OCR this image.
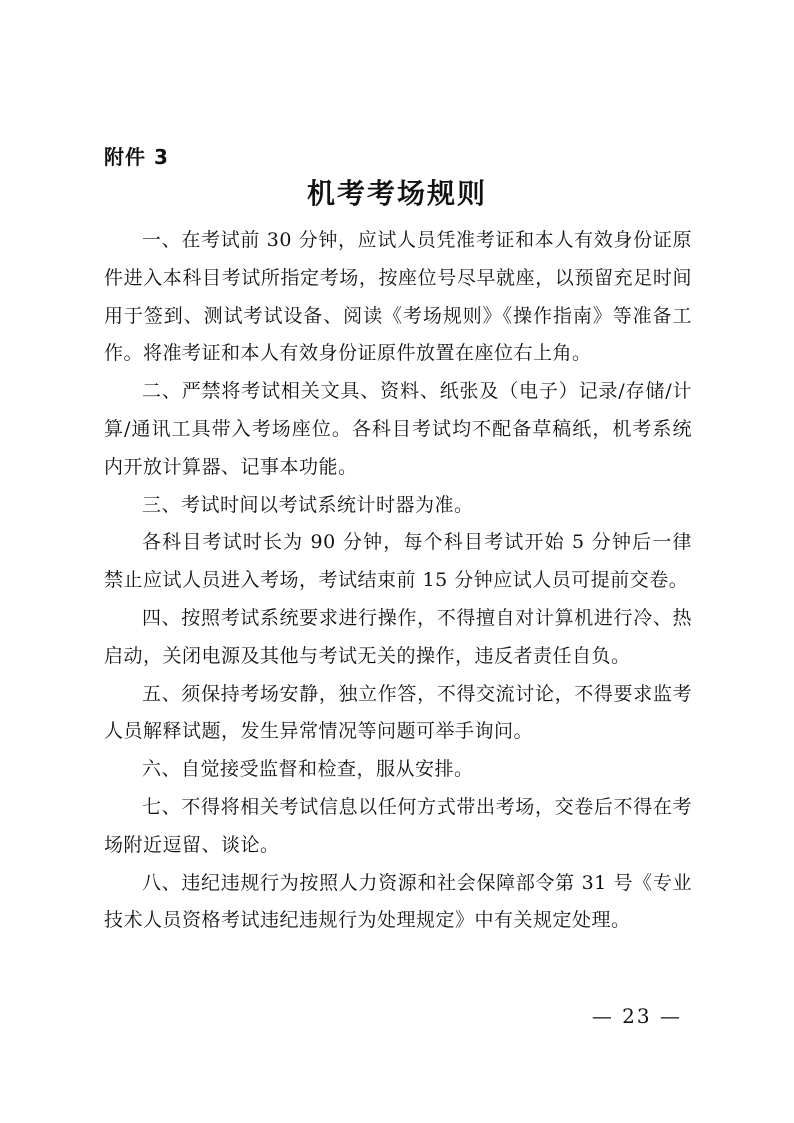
附件 3
机考考场规则

一、在考试前 30 分钟，应试人员凭准考证和本人有效身份证原件进入本科目考试所指定考场，按座位号尽早就座，以预留充足时间用于签到、测试考试设备、阅读《考场规则》《操作指南》等准备工作。将准考证和本人有效身份证原件放置在座位右上角。

二、严禁将考试相关文具、资料、纸张及（电子）记录/存储/计算/通讯工具带入考场座位。各科目考试均不配备草稿纸，机考系统内开放计算器、记事本功能。

三、考试时间以考试系统计时器为准。

各科目考试时长为 90 分钟，每个科目考试开始 5 分钟后一律禁止应试人员进入考场，考试结束前 15 分钟应试人员可提前交卷。

四、按照考试系统要求进行操作，不得擅自对计算机进行冷、热启动，关闭电源及其他与考试无关的操作，违反者责任自负。

五、须保持考场安静，独立作答，不得交流讨论，不得要求监考人员解释试题，发生异常情况等问题可举手询问。

六、自觉接受监督和检查，服从安排。

七、不得将相关考试信息以任何方式带出考场，交卷后不得在考场附近逗留、谈论。

八、违纪违规行为按照人力资源和社会保障部令第 31 号《专业技术人员资格考试违纪违规行为处理规定》中有关规定处理。

— 23 —
